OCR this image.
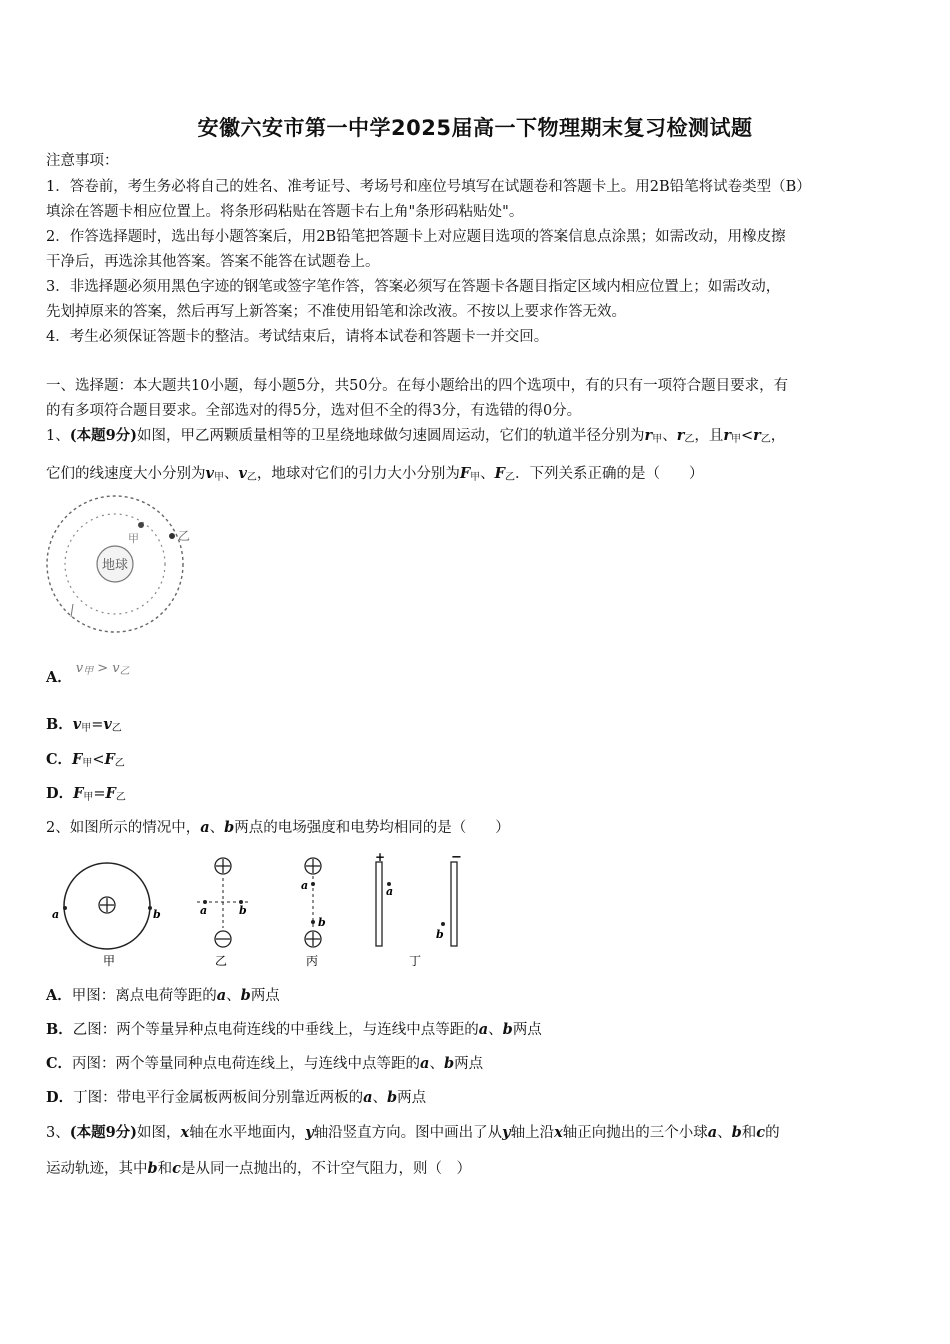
安徽六安市第一中学2025届高一下物理期末复习检测试题
注意事项：
1．答卷前，考生务必将自己的姓名、准考证号、考场号和座位号填写在试题卷和答题卡上。用2B铅笔将试卷类型（B）
填涂在答题卡相应位置上。将条形码粘贴在答题卡右上角"条形码粘贴处"。
2．作答选择题时，选出每小题答案后，用2B铅笔把答题卡上对应题目选项的答案信息点涂黑；如需改动，用橡皮擦
干净后，再选涂其他答案。答案不能答在试题卷上。
3．非选择题必须用黑色字迹的钢笔或签字笔作答，答案必须写在答题卡各题目指定区域内相应位置上；如需改动，
先划掉原来的答案，然后再写上新答案；不准使用铅笔和涂改液。不按以上要求作答无效。
4．考生必须保证答题卡的整洁。考试结束后，请将本试卷和答题卡一并交回。
一、选择题：本大题共10小题，每小题5分，共50分。在每小题给出的四个选项中，有的只有一项符合题目要求，有
的有多项符合题目要求。全部选对的得5分，选对但不全的得3分，有选错的得0分。
1、(本题9分)如图，甲乙两颗质量相等的卫星绕地球做匀速圆周运动，它们的轨道半径分别为$r_甲$、$r_乙$，且$r_甲<r_乙$，
它们的线速度大小分别为$v_甲$、$v_乙$，地球对它们的引力大小分别为$F_甲$、$F_乙$．下列关系正确的是（　　）
地球
甲	乙
A．$v_甲 > v_乙$
B．$v_甲=v_乙$
C．$F_甲<F_乙$
D．$F_甲=F_乙$
2、如图所示的情况中，a、b两点的电场强度和电势均相同的是（　　）
a	b
甲
a	b
乙
a
b
丙
+	−
a
b
丁
A．甲图：离点电荷等距的a、b两点
B．乙图：两个等量异种点电荷连线的中垂线上，与连线中点等距的a、b两点
C．丙图：两个等量同种点电荷连线上，与连线中点等距的a、b两点
D．丁图：带电平行金属板两板间分别靠近两板的a、b两点
3、(本题9分)如图，x轴在水平地面内，y轴沿竖直方向。图中画出了从y轴上沿x轴正向抛出的三个小球a、b和c的
运动轨迹，其中b和c是从同一点抛出的，不计空气阻力，则（　）
